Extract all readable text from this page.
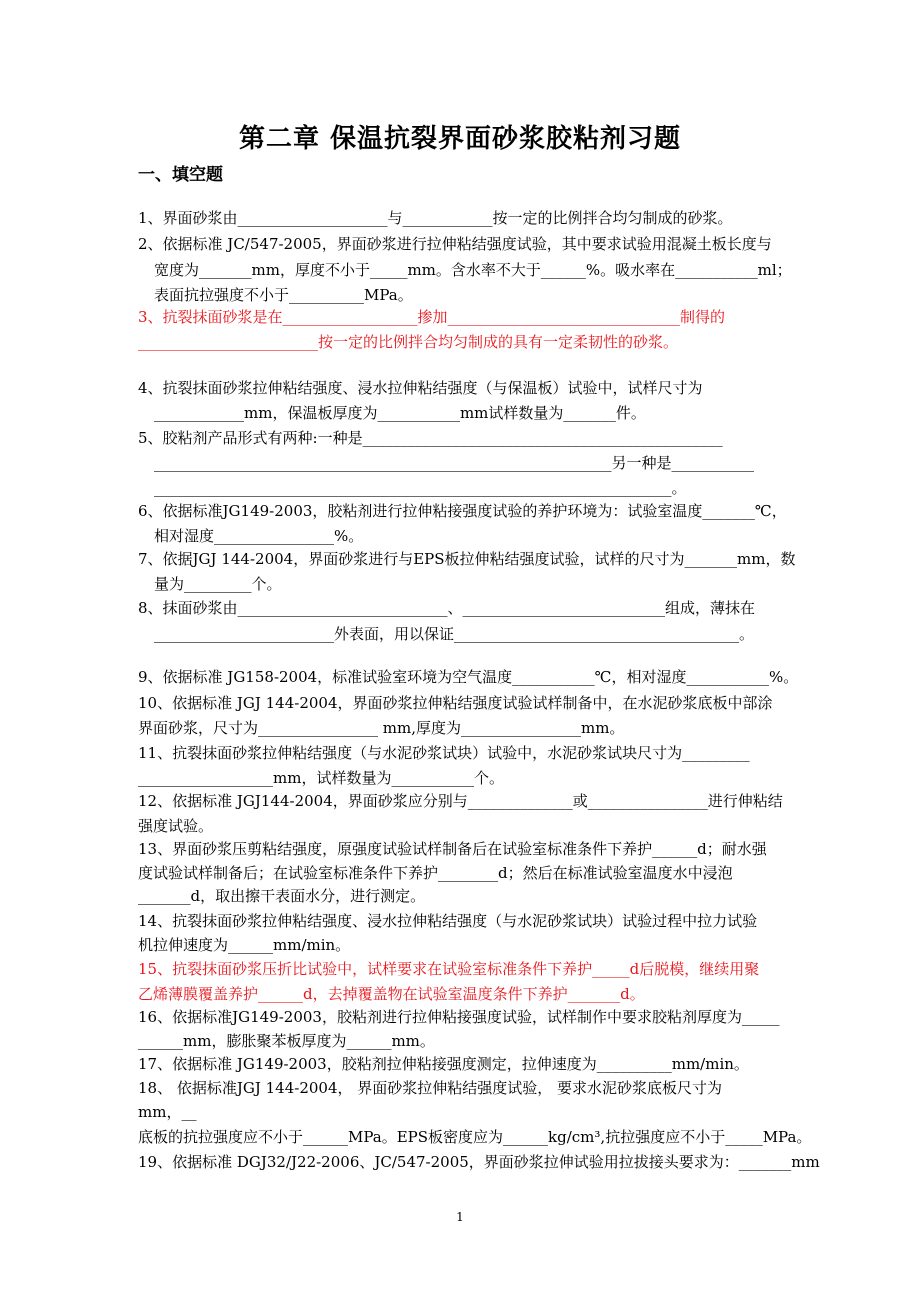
第二章 保温抗裂界面砂浆胶粘剂习题
一、填空题
1、界面砂浆由____________________与____________按一定的比例拌合均匀制成的砂浆。
2、依据标准 JC/547-2005，界面砂浆进行拉伸粘结强度试验，其中要求试验用混凝土板长度与
宽度为_______mm，厚度不小于_____mm。含水率不大于______%。吸水率在___________ml；
表面抗拉强度不小于__________MPa。
3、抗裂抹面砂浆是在__________________掺加_______________________________制得的
________________________按一定的比例拌合均匀制成的具有一定柔韧性的砂浆。
4、抗裂抹面砂浆拉伸粘结强度、浸水拉伸粘结强度（与保温板）试验中，试样尺寸为
____________mm，保温板厚度为___________mm试样数量为_______件。
5、胶粘剂产品形式有两种:一种是________________________________________________
_____________________________________________________________另一种是___________
_____________________________________________________________________。
6、依据标准JG149-2003，胶粘剂进行拉伸粘接强度试验的养护环境为：试验室温度_______℃，
相对湿度________________%。
7、依据JGJ 144-2004，界面砂浆进行与EPS板拉伸粘结强度试验，试样的尺寸为_______mm，数
量为_________个。
8、抹面砂浆由____________________________、___________________________组成，薄抹在
________________________外表面，用以保证______________________________________。
9、依据标准 JG158-2004，标准试验室环境为空气温度___________℃，相对湿度___________%。
10、依据标准 JGJ 144-2004，界面砂浆拉伸粘结强度试验试样制备中，在水泥砂浆底板中部涂
界面砂浆，尺寸为________________ mm,厚度为________________mm。
11、抗裂抹面砂浆拉伸粘结强度（与水泥砂浆试块）试验中，水泥砂浆试块尺寸为_________
__________________mm，试样数量为___________个。
12、依据标准 JGJ144-2004，界面砂浆应分别与______________或________________进行伸粘结
强度试验。
13、界面砂浆压剪粘结强度，原强度试验试样制备后在试验室标准条件下养护______d；耐水强
度试验试样制备后；在试验室标准条件下养护________d；然后在标准试验室温度水中浸泡
_______d，取出擦干表面水分，进行测定。
14、抗裂抹面砂浆拉伸粘结强度、浸水拉伸粘结强度（与水泥砂浆试块）试验过程中拉力试验
机拉伸速度为______mm/min。
15、抗裂抹面砂浆压折比试验中，试样要求在试验室标准条件下养护_____d后脱模，继续用聚
乙烯薄膜覆盖养护______d，去掉覆盖物在试验室温度条件下养护_______d。
16、依据标准JG149-2003，胶粘剂进行拉伸粘接强度试验，试样制作中要求胶粘剂厚度为_____
______mm，膨胀聚苯板厚度为______mm。
17、依据标准 JG149-2003，胶粘剂拉伸粘接强度测定，拉伸速度为__________mm/min。
18、 依据标准JGJ 144-2004， 界面砂浆拉伸粘结强度试验， 要求水泥砂浆底板尺寸为
mm，__
底板的抗拉强度应不小于______MPa。EPS板密度应为______kg/cm³,抗拉强度应不小于_____MPa。
19、依据标准 DGJ32/J22-2006、JC/547-2005，界面砂浆拉伸试验用拉拔接头要求为：_______mm
1
